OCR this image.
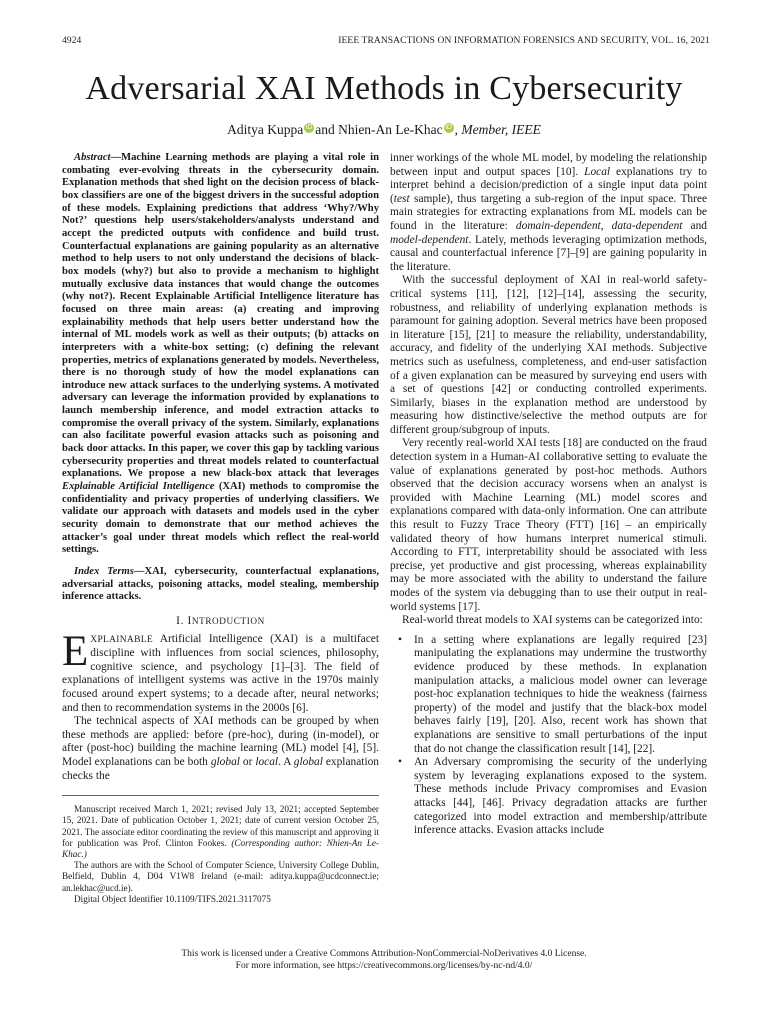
4924	IEEE TRANSACTIONS ON INFORMATION FORENSICS AND SECURITY, VOL. 16, 2021
Adversarial XAI Methods in Cybersecurity
Aditya Kuppa iD and Nhien-An Le-Khac iD , Member, IEEE

Abstract—Machine Learning methods are playing a vital role in combating ever-evolving threats in the cybersecurity domain. Explanation methods that shed light on the decision process of black-box classifiers are one of the biggest drivers in the successful adoption of these models. Explaining predictions that address ‘Why?/Why Not?’ questions help users/stakeholders/analysts understand and accept the predicted outputs with confidence and build trust. Counterfactual explanations are gaining popularity as an alternative method to help users to not only understand the decisions of black-box models (why?) but also to provide a mechanism to highlight mutually exclusive data instances that would change the outcomes (why not?). Recent Explainable Artificial Intelligence literature has focused on three main areas: (a) creating and improving explainability methods that help users better understand how the internal of ML models work as well as their outputs; (b) attacks on interpreters with a white-box setting; (c) defining the relevant properties, metrics of explanations generated by models. Nevertheless, there is no thorough study of how the model explanations can introduce new attack surfaces to the underlying systems. A motivated adversary can leverage the information provided by explanations to launch membership inference, and model extraction attacks to compromise the overall privacy of the system. Similarly, explanations can also facilitate powerful evasion attacks such as poisoning and back door attacks. In this paper, we cover this gap by tackling various cybersecurity properties and threat models related to counterfactual explanations. We propose a new black-box attack that leverages Explainable Artificial Intelligence (XAI) methods to compromise the confidentiality and privacy properties of underlying classifiers. We validate our approach with datasets and models used in the cyber security domain to demonstrate that our method achieves the attacker’s goal under threat models which reflect the real-world settings.

Index Terms—XAI, cybersecurity, counterfactual explanations, adversarial attacks, poisoning attacks, model stealing, membership inference attacks.

I. INTRODUCTION

EXPLAINABLE Artificial Intelligence (XAI) is a multifacet discipline with influences from social sciences, philosophy, cognitive science, and psychology [1]–[3]. The field of explanations of intelligent systems was active in the 1970s mainly focused around expert systems; to a decade after, neural networks; and then to recommendation systems in the 2000s [6].

The technical aspects of XAI methods can be grouped by when these methods are applied: before (pre-hoc), during (in-model), or after (post-hoc) building the machine learning (ML) model [4], [5]. Model explanations can be both global or local. A global explanation checks the

Manuscript received March 1, 2021; revised July 13, 2021; accepted September 15, 2021. Date of publication October 1, 2021; date of current version October 25, 2021. The associate editor coordinating the review of this manuscript and approving it for publication was Prof. Clinton Fookes. (Corresponding author: Nhien-An Le-Khac.)

The authors are with the School of Computer Science, University College Dublin, Belfield, Dublin 4, D04 V1W8 Ireland (e-mail: aditya.kuppa@ucdconnect.ie; an.lekhac@ucd.ie).

Digital Object Identifier 10.1109/TIFS.2021.3117075

inner workings of the whole ML model, by modeling the relationship between input and output spaces [10]. Local explanations try to interpret behind a decision/prediction of a single input data point (test sample), thus targeting a sub-region of the input space. Three main strategies for extracting explanations from ML models can be found in the literature: domain-dependent, data-dependent and model-dependent. Lately, methods leveraging optimization methods, causal and counterfactual inference [7]–[9] are gaining popularity in the literature.

With the successful deployment of XAI in real-world safety-critical systems [11], [12], [12]–[14], assessing the security, robustness, and reliability of underlying explanation methods is paramount for gaining adoption. Several metrics have been proposed in literature [15], [21] to measure the reliability, understandability, accuracy, and fidelity of the underlying XAI methods. Subjective metrics such as usefulness, completeness, and end-user satisfaction of a given explanation can be measured by surveying end users with a set of questions [42] or conducting controlled experiments. Similarly, biases in the explanation method are understood by measuring how distinctive/selective the method outputs are for different group/subgroup of inputs.

Very recently real-world XAI tests [18] are conducted on the fraud detection system in a Human-AI collaborative setting to evaluate the value of explanations generated by post-hoc methods. Authors observed that the decision accuracy worsens when an analyst is provided with Machine Learning (ML) model scores and explanations compared with data-only information. One can attribute this result to Fuzzy Trace Theory (FTT) [16] – an empirically validated theory of how humans interpret numerical stimuli. According to FTT, interpretability should be associated with less precise, yet productive and gist processing, whereas explainability may be more associated with the ability to understand the failure modes of the system via debugging than to use their output in real-world systems [17].

Real-world threat models to XAI systems can be categorized into:

• In a setting where explanations are legally required [23] manipulating the explanations may undermine the trustworthy evidence produced by these methods. In explanation manipulation attacks, a malicious model owner can leverage post-hoc explanation techniques to hide the weakness (fairness property) of the model and justify that the black-box model behaves fairly [19], [20]. Also, recent work has shown that explanations are sensitive to small perturbations of the input that do not change the classification result [14], [22].
• An Adversary compromising the security of the underlying system by leveraging explanations exposed to the system. These methods include Privacy compromises and Evasion attacks [44], [46]. Privacy degradation attacks are further categorized into model extraction and membership/attribute inference attacks. Evasion attacks include
This work is licensed under a Creative Commons Attribution-NonCommercial-NoDerivatives 4.0 License.
For more information, see https://creativecommons.org/licenses/by-nc-nd/4.0/
